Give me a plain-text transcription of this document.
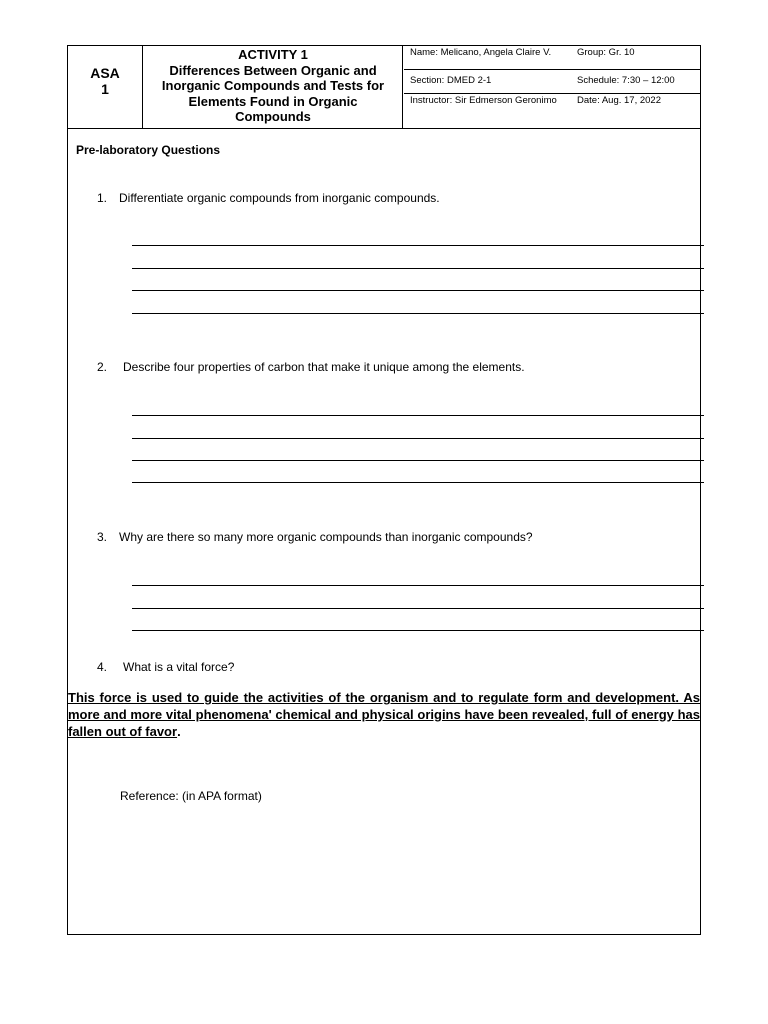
ASA
1
ACTIVITY 1
Differences Between Organic and
Inorganic Compounds and Tests for
Elements Found in Organic
Compounds
Name: Melicano, Angela Claire V.	Group: Gr. 10
Section: DMED 2-1	Schedule: 7:30 – 12:00
Instructor: Sir Edmerson Geronimo Date: Aug. 17, 2022
Pre-laboratory Questions
1. Differentiate organic compounds from inorganic compounds.
2. Describe four properties of carbon that make it unique among the elements.
3. Why are there so many more organic compounds than inorganic compounds?
4. What is a vital force?
This force is used to guide the activities of the organism and to regulate form and development. As more and more vital phenomena' chemical and physical origins have been revealed, full of energy has fallen out of favor.
Reference: (in APA format)
